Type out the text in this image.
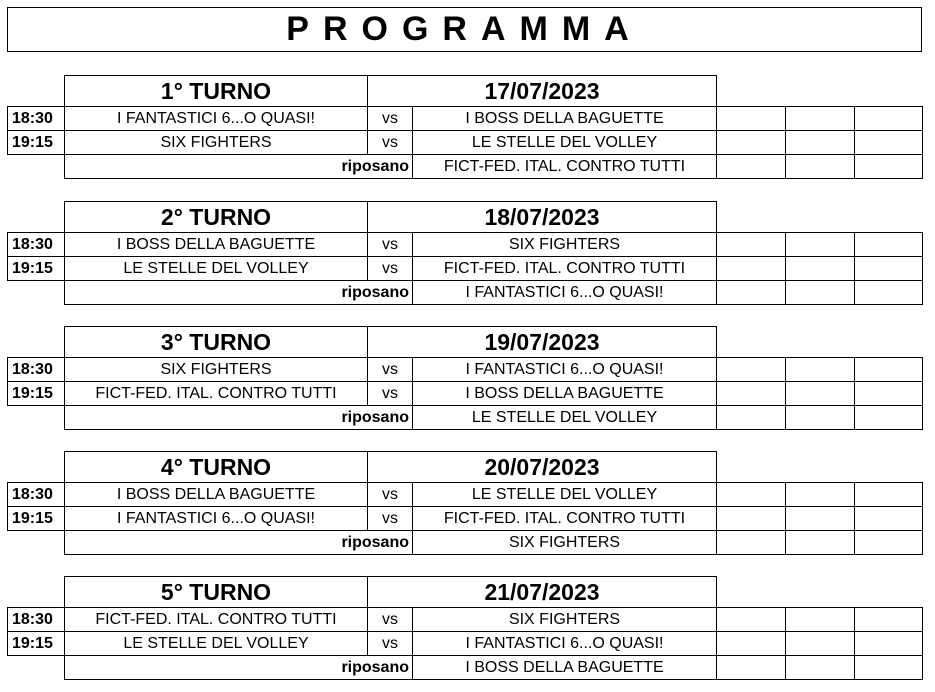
PROGRAMMA
1° TURNO	17/07/2023
18:30	I FANTASTICI 6...O QUASI!	vs	I BOSS DELLA BAGUETTE
19:15	SIX FIGHTERS	vs	LE STELLE DEL VOLLEY
riposano	FICT-FED. ITAL. CONTRO TUTTI
2° TURNO	18/07/2023
18:30	I BOSS DELLA BAGUETTE	vs	SIX FIGHTERS
19:15	LE STELLE DEL VOLLEY	vs	FICT-FED. ITAL. CONTRO TUTTI
riposano	I FANTASTICI 6...O QUASI!
3° TURNO	19/07/2023
18:30	SIX FIGHTERS	vs	I FANTASTICI 6...O QUASI!
19:15	FICT-FED. ITAL. CONTRO TUTTI	vs	I BOSS DELLA BAGUETTE
riposano	LE STELLE DEL VOLLEY
4° TURNO	20/07/2023
18:30	I BOSS DELLA BAGUETTE	vs	LE STELLE DEL VOLLEY
19:15	I FANTASTICI 6...O QUASI!	vs	FICT-FED. ITAL. CONTRO TUTTI
riposano	SIX FIGHTERS
5° TURNO	21/07/2023
18:30	FICT-FED. ITAL. CONTRO TUTTI	vs	SIX FIGHTERS
19:15	LE STELLE DEL VOLLEY	vs	I FANTASTICI 6...O QUASI!
riposano	I BOSS DELLA BAGUETTE
